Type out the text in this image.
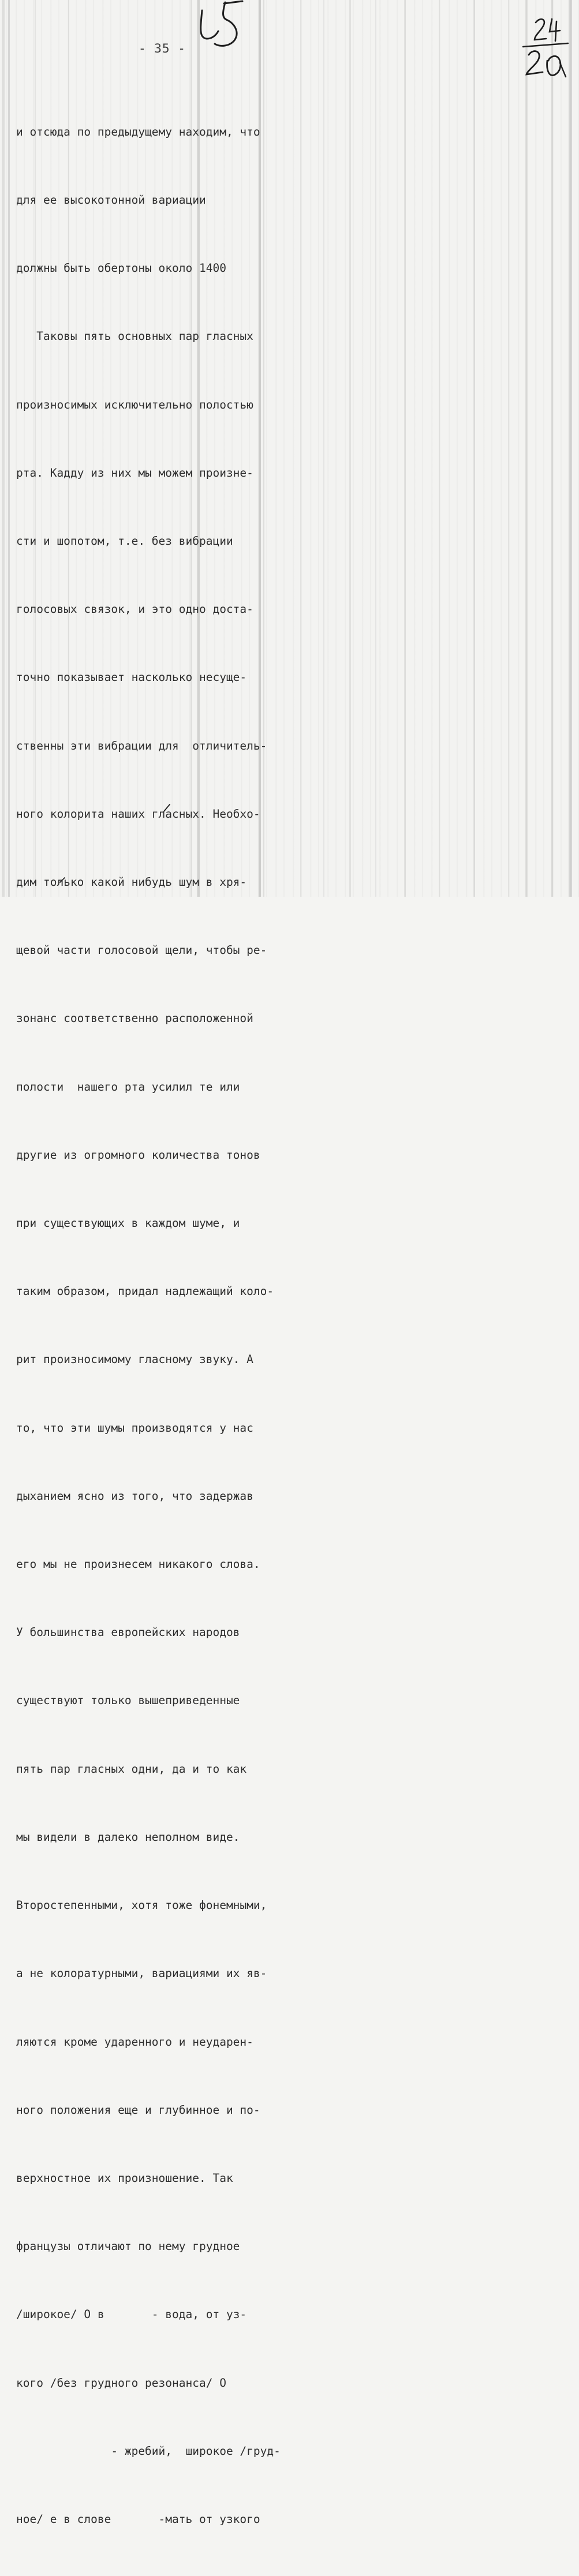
- 35 -

и отсюда по предыдущему находим, что

для ее высокотонной вариации

должны быть обертоны около 1400

Таковы пять основных пар гласных

произносимых исключительно полостью

рта. Кадду из них мы можем произне-

сти и шопотом, т.е. без вибрации

голосовых связок, и это одно доста-

точно показывает насколько несуще-

ственны эти вибрации для  отличитель-

ного колорита наших гласных. Необхо-

дим только какой нибудь шум в хря-

щевой части голосовой щели, чтобы ре-

зонанс соответственно расположенной

полости  нашего рта усилил те или

другие из огромного количества тонов

при существующих в каждом шуме, и

таким образом, придал надлежащий коло-

рит произносимому гласному звуку. А

то, что эти шумы производятся у нас

дыханием ясно из того, что задержав

его мы не произнесем никакого слова.

У большинства европейских народов

существуют только вышеприведенные

пять пар гласных одни, да и то как

мы видели в далеко неполном виде.

Второстепенными, хотя тоже фонемными,

а не колоратурными, вариациями их яв-

ляются кроме ударенного и неударен-

ного положения еще и глубинное и по-

верхностное их произношение. Так

французы отличают по нему грудное

/широкое/ О в       - вода, от уз-

кого /без грудного резонанса/ О

- жребий,  широкое /груд-

ное/ е в слове       -мать от узкого
